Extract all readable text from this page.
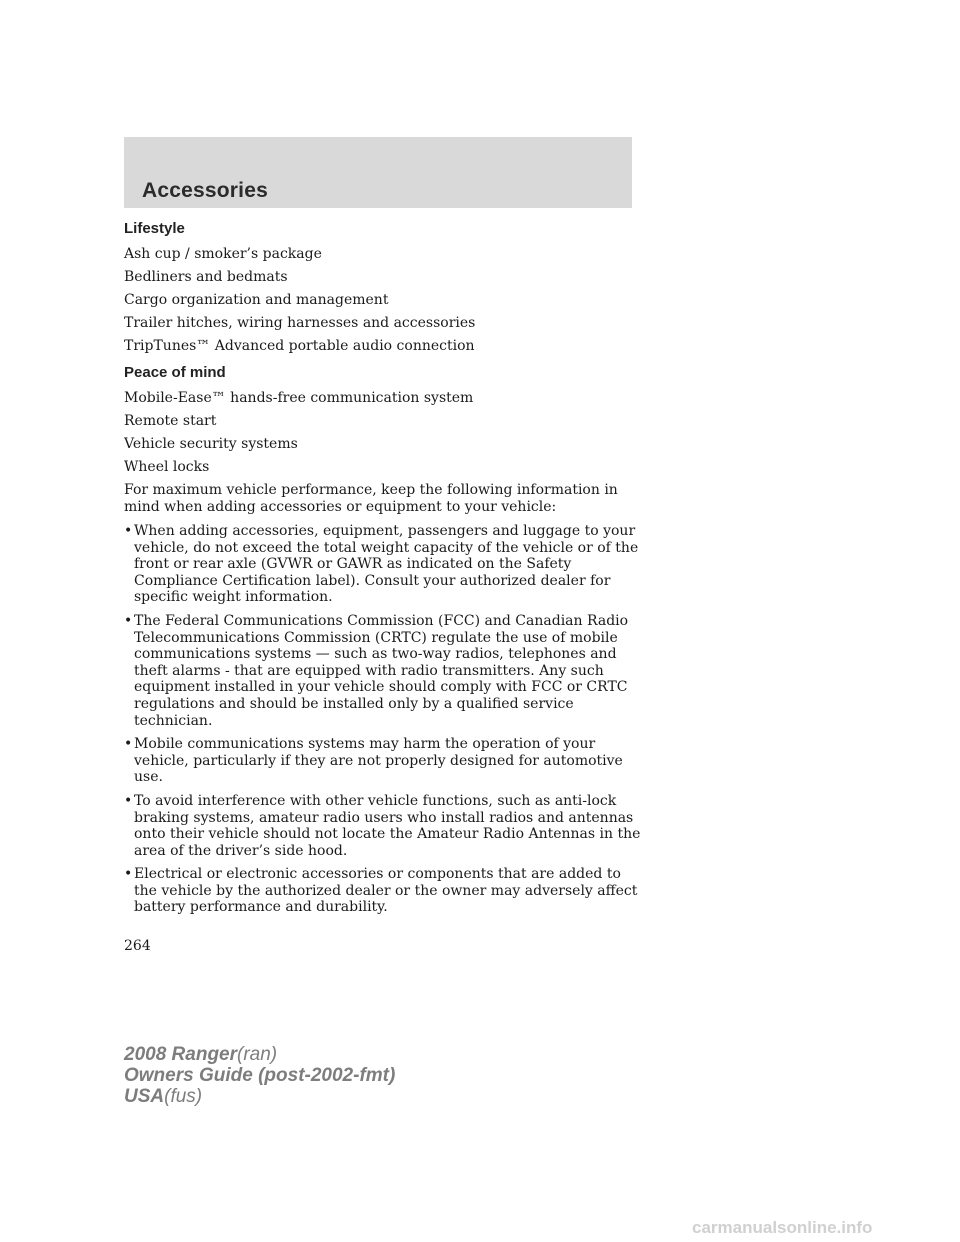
Accessories
Lifestyle
Ash cup / smoker’s package
Bedliners and bedmats
Cargo organization and management
Trailer hitches, wiring harnesses and accessories
TripTunes™ Advanced portable audio connection
Peace of mind
Mobile-Ease™ hands-free communication system
Remote start
Vehicle security systems
Wheel locks
For maximum vehicle performance, keep the following information in mind when adding accessories or equipment to your vehicle:
• When adding accessories, equipment, passengers and luggage to your vehicle, do not exceed the total weight capacity of the vehicle or of the front or rear axle (GVWR or GAWR as indicated on the Safety Compliance Certification label). Consult your authorized dealer for specific weight information.
• The Federal Communications Commission (FCC) and Canadian Radio Telecommunications Commission (CRTC) regulate the use of mobile communications systems — such as two-way radios, telephones and theft alarms - that are equipped with radio transmitters. Any such equipment installed in your vehicle should comply with FCC or CRTC regulations and should be installed only by a qualified service technician.
• Mobile communications systems may harm the operation of your vehicle, particularly if they are not properly designed for automotive use.
• To avoid interference with other vehicle functions, such as anti-lock braking systems, amateur radio users who install radios and antennas onto their vehicle should not locate the Amateur Radio Antennas in the area of the driver’s side hood.
• Electrical or electronic accessories or components that are added to the vehicle by the authorized dealer or the owner may adversely affect battery performance and durability.
264
2008 Ranger(ran)
Owners Guide (post-2002-fmt)
USA(fus)
carmanualsonline.info
